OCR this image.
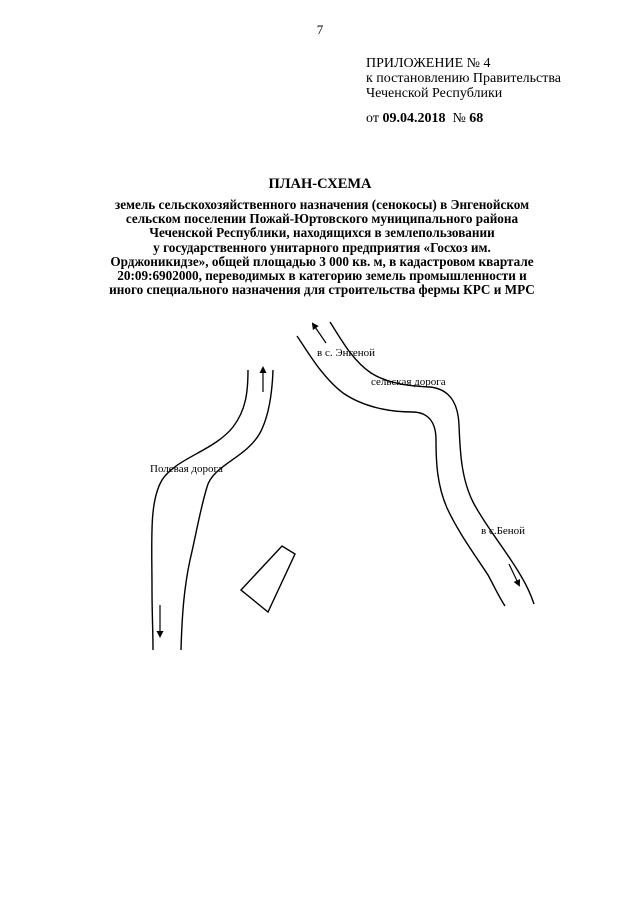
7
ПРИЛОЖЕНИЕ № 4
к постановлению Правительства
Чеченской Республики
от 09.04.2018 № 68
ПЛАН-СХЕМА
земель сельскохозяйственного назначения (сенокосы) в Энгенойском
сельском поселении Пожай-Юртовского муниципального района
Чеченской Республики, находящихся в землепользовании
у государственного унитарного предприятия «Госхоз им.
Орджоникидзе», общей площадью 3 000 кв. м, в кадастровом квартале
20:09:6902000, переводимых в категорию земель промышленности и
иного специального назначения для строительства фермы КРС и МРС
в с. Энгеной
сельская дорога
Полевая дорога
в с.Беной
